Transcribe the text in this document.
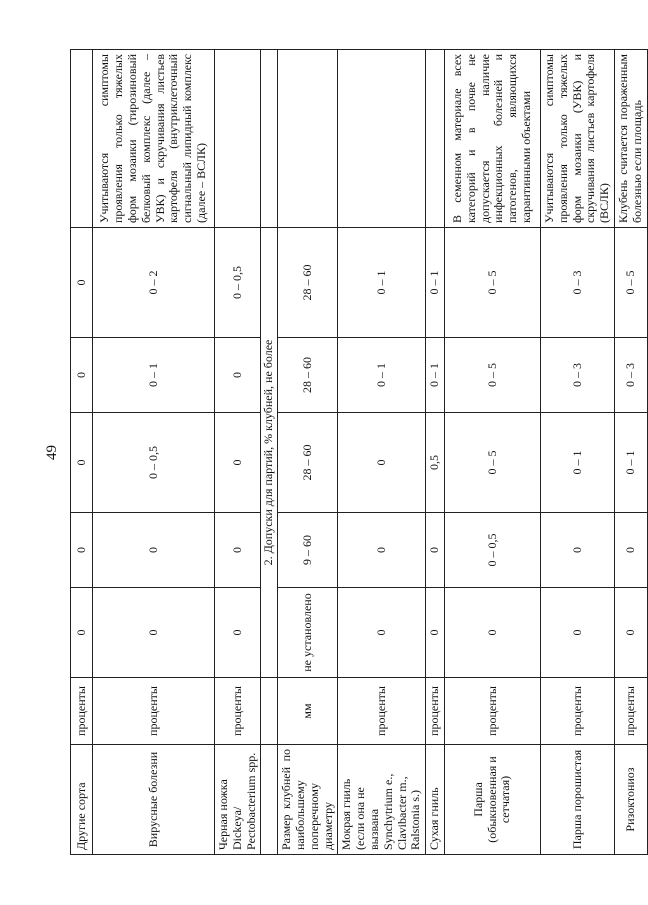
49
Другие сорта	проценты	0	0	0	0	0	
Вирусные болезни	проценты	0	0	0 – 0,5	0 – 1	0 – 2	Учитываются симптомы проявления только тяжелых форм мозаики (тирозиновый белковый комплекс (далее – УВК) и скручивания листьев картофеля (внутриклеточный сигнальный липидный комплекс (далее – ВСЛК)
Черная ножка Dickeya/ Pectobacterium spp.	проценты	0	0	0	0	0 – 0,5	
		2. Допуски для партий, % клубней, не более					
Размер клубней по наибольшему поперечному диаметру	мм	не установлено	9 – 60	28 – 60	28 – 60	28 – 60	
Мокрая гниль (если она не вызвана Synchytrium e., Clavibacter m., Ralstonia s.)	проценты	0	0	0	0 – 1	0 – 1	
Сухая гниль	проценты	0	0	0,5	0 – 1	0 – 1	
Парша (обыкновенная и сетчатая)	проценты	0	0 – 0,5	0 – 5	0 – 5	0 – 5	В семенном материале всех категорий и в почве не допускается наличие инфекционных болезней и патогенов, являющихся карантинными объектами
Парша порошистая	проценты	0	0	0 – 1	0 – 3	0 – 3	Учитываются симптомы проявления только тяжелых форм мозаики (УВК) и скручивания листьев картофеля (ВСЛК)
Ризоктониоз	проценты	0	0	0 – 1	0 – 3	0 – 5	Клубень считается пораженным болезнью если площадь
